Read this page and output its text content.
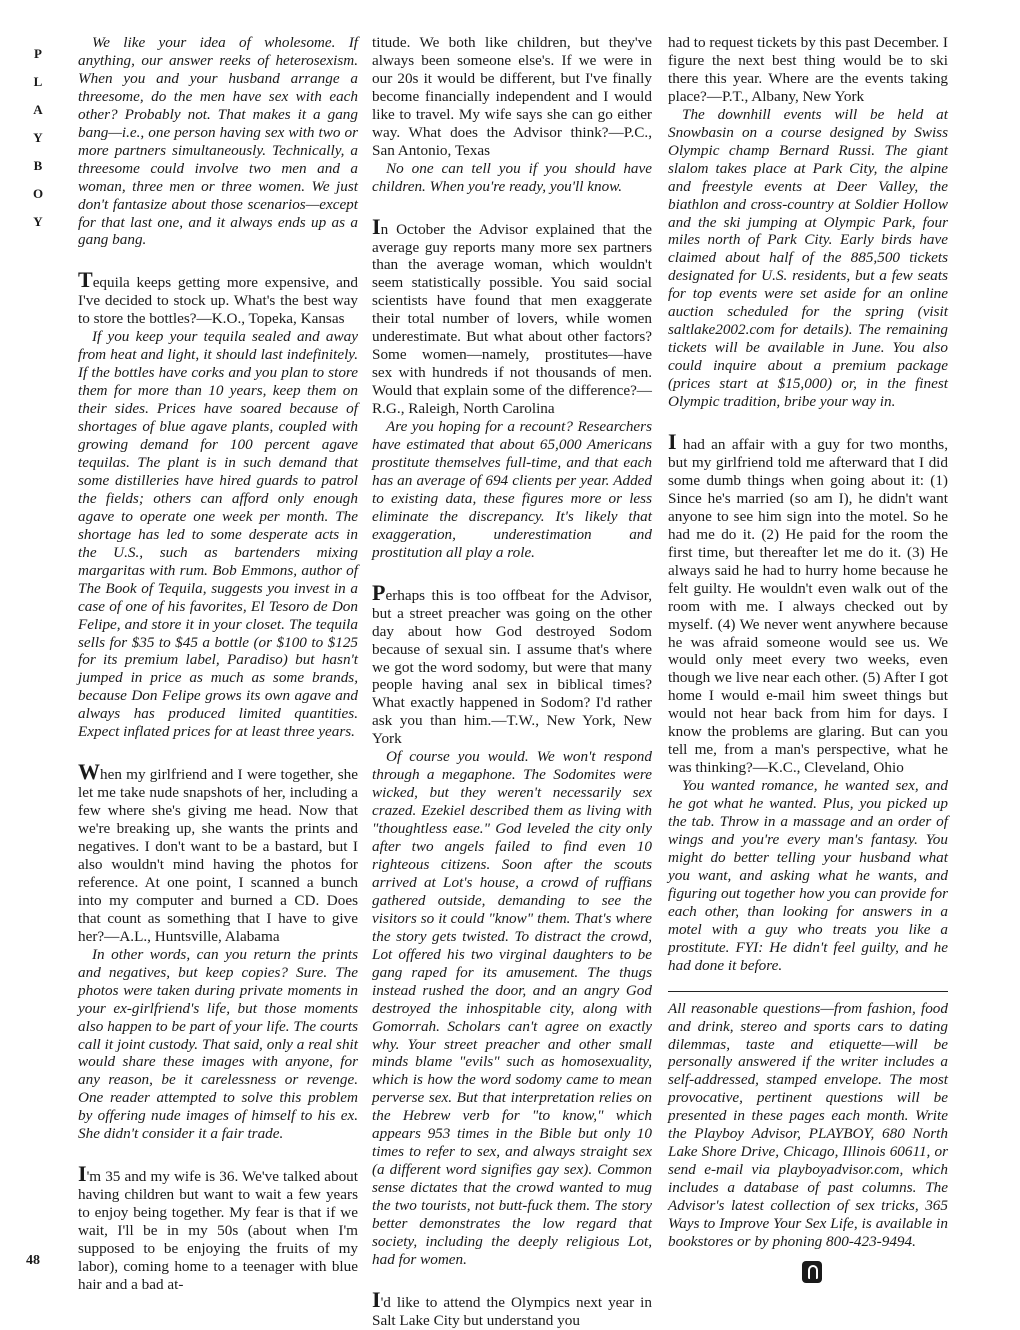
P
L
A
Y
B
O
Y
48

We like your idea of wholesome. If anything, our answer reeks of heterosexism. When you and your husband arrange a threesome, do the men have sex with each other? Probably not. That makes it a gang bang—i.e., one person having sex with two or more partners simultaneously. Technically, a threesome could involve two men and a woman, three men or three women. We just don't fantasize about those scenarios—except for that last one, and it always ends up as a gang bang.

Tequila keeps getting more expensive, and I've decided to stock up. What's the best way to store the bottles?—K.O., Topeka, Kansas

If you keep your tequila sealed and away from heat and light, it should last indefinitely. If the bottles have corks and you plan to store them for more than 10 years, keep them on their sides. Prices have soared because of shortages of blue agave plants, coupled with growing demand for 100 percent agave tequilas. The plant is in such demand that some distilleries have hired guards to patrol the fields; others can afford only enough agave to operate one week per month. The shortage has led to some desperate acts in the U.S., such as bartenders mixing margaritas with rum. Bob Emmons, author of The Book of Tequila, suggests you invest in a case of one of his favorites, El Tesoro de Don Felipe, and store it in your closet. The tequila sells for $35 to $45 a bottle (or $100 to $125 for its premium label, Paradiso) but hasn't jumped in price as much as some brands, because Don Felipe grows its own agave and always has produced limited quantities. Expect inflated prices for at least three years.

When my girlfriend and I were together, she let me take nude snapshots of her, including a few where she's giving me head. Now that we're breaking up, she wants the prints and negatives. I don't want to be a bastard, but I also wouldn't mind having the photos for reference. At one point, I scanned a bunch into my computer and burned a CD. Does that count as something that I have to give her?—A.L., Huntsville, Alabama

In other words, can you return the prints and negatives, but keep copies? Sure. The photos were taken during private moments in your ex-girlfriend's life, but those moments also happen to be part of your life. The courts call it joint custody. That said, only a real shit would share these images with anyone, for any reason, be it carelessness or revenge. One reader attempted to solve this problem by offering nude images of himself to his ex. She didn't consider it a fair trade.

I'm 35 and my wife is 36. We've talked about having children but want to wait a few years to enjoy being together. My fear is that if we wait, I'll be in my 50s (about when I'm supposed to be enjoying the fruits of my labor), coming home to a teenager with blue hair and a bad at-

titude. We both like children, but they've always been someone else's. If we were in our 20s it would be different, but I've finally become financially independent and I would like to travel. My wife says she can go either way. What does the Advisor think?—P.C., San Antonio, Texas

No one can tell you if you should have children. When you're ready, you'll know.

In October the Advisor explained that the average guy reports many more sex partners than the average woman, which wouldn't seem statistically possible. You said social scientists have found that men exaggerate their total number of lovers, while women underestimate. But what about other factors? Some women—namely, prostitutes—have sex with hundreds if not thousands of men. Would that explain some of the difference?—R.G., Raleigh, North Carolina

Are you hoping for a recount? Researchers have estimated that about 65,000 Americans prostitute themselves full-time, and that each has an average of 694 clients per year. Added to existing data, these figures more or less eliminate the discrepancy. It's likely that exaggeration, underestimation and prostitution all play a role.

Perhaps this is too offbeat for the Advisor, but a street preacher was going on the other day about how God destroyed Sodom because of sexual sin. I assume that's where we got the word sodomy, but were that many people having anal sex in biblical times? What exactly happened in Sodom? I'd rather ask you than him.—T.W., New York, New York

Of course you would. We won't respond through a megaphone. The Sodomites were wicked, but they weren't necessarily sex crazed. Ezekiel described them as living with "thoughtless ease." God leveled the city only after two angels failed to find even 10 righteous citizens. Soon after the scouts arrived at Lot's house, a crowd of ruffians gathered outside, demanding to see the visitors so it could "know" them. That's where the story gets twisted. To distract the crowd, Lot offered his two virginal daughters to be gang raped for its amusement. The thugs instead rushed the door, and an angry God destroyed the inhospitable city, along with Gomorrah. Scholars can't agree on exactly why. Your street preacher and other small minds blame "evils" such as homosexuality, which is how the word sodomy came to mean perverse sex. But that interpretation relies on the Hebrew verb for "to know," which appears 953 times in the Bible but only 10 times to refer to sex, and always straight sex (a different word signifies gay sex). Common sense dictates that the crowd wanted to mug the two tourists, not butt-fuck them. The story better demonstrates the low regard that society, including the deeply religious Lot, had for women.

I'd like to attend the Olympics next year in Salt Lake City but understand you

had to request tickets by this past December. I figure the next best thing would be to ski there this year. Where are the events taking place?—P.T., Albany, New York

The downhill events will be held at Snowbasin on a course designed by Swiss Olympic champ Bernard Russi. The giant slalom takes place at Park City, the alpine and freestyle events at Deer Valley, the biathlon and cross-country at Soldier Hollow and the ski jumping at Olympic Park, four miles north of Park City. Early birds have claimed about half of the 885,500 tickets designated for U.S. residents, but a few seats for top events were set aside for an online auction scheduled for the spring (visit saltlake2002.com for details). The remaining tickets will be available in June. You also could inquire about a premium package (prices start at $15,000) or, in the finest Olympic tradition, bribe your way in.

I had an affair with a guy for two months, but my girlfriend told me afterward that I did some dumb things when going about it: (1) Since he's married (so am I), he didn't want anyone to see him sign into the motel. So he had me do it. (2) He paid for the room the first time, but thereafter let me do it. (3) He always said he had to hurry home because he felt guilty. He wouldn't even walk out of the room with me. I always checked out by myself. (4) We never went anywhere because he was afraid someone would see us. We would only meet every two weeks, even though we live near each other. (5) After I got home I would e-mail him sweet things but would not hear back from him for days. I know the problems are glaring. But can you tell me, from a man's perspective, what he was thinking?—K.C., Cleveland, Ohio

You wanted romance, he wanted sex, and he got what he wanted. Plus, you picked up the tab. Throw in a massage and an order of wings and you're every man's fantasy. You might do better telling your husband what you want, and asking what he wants, and figuring out together how you can provide for each other, than looking for answers in a motel with a guy who treats you like a prostitute. FYI: He didn't feel guilty, and he had done it before.

All reasonable questions—from fashion, food and drink, stereo and sports cars to dating dilemmas, taste and etiquette—will be personally answered if the writer includes a self-addressed, stamped envelope. The most provocative, pertinent questions will be presented in these pages each month. Write the Playboy Advisor, PLAYBOY, 680 North Lake Shore Drive, Chicago, Illinois 60611, or send e-mail via playboyadvisor.com, which includes a database of past columns. The Advisor's latest collection of sex tricks, 365 Ways to Improve Your Sex Life, is available in bookstores or by phoning 800-423-9494.
